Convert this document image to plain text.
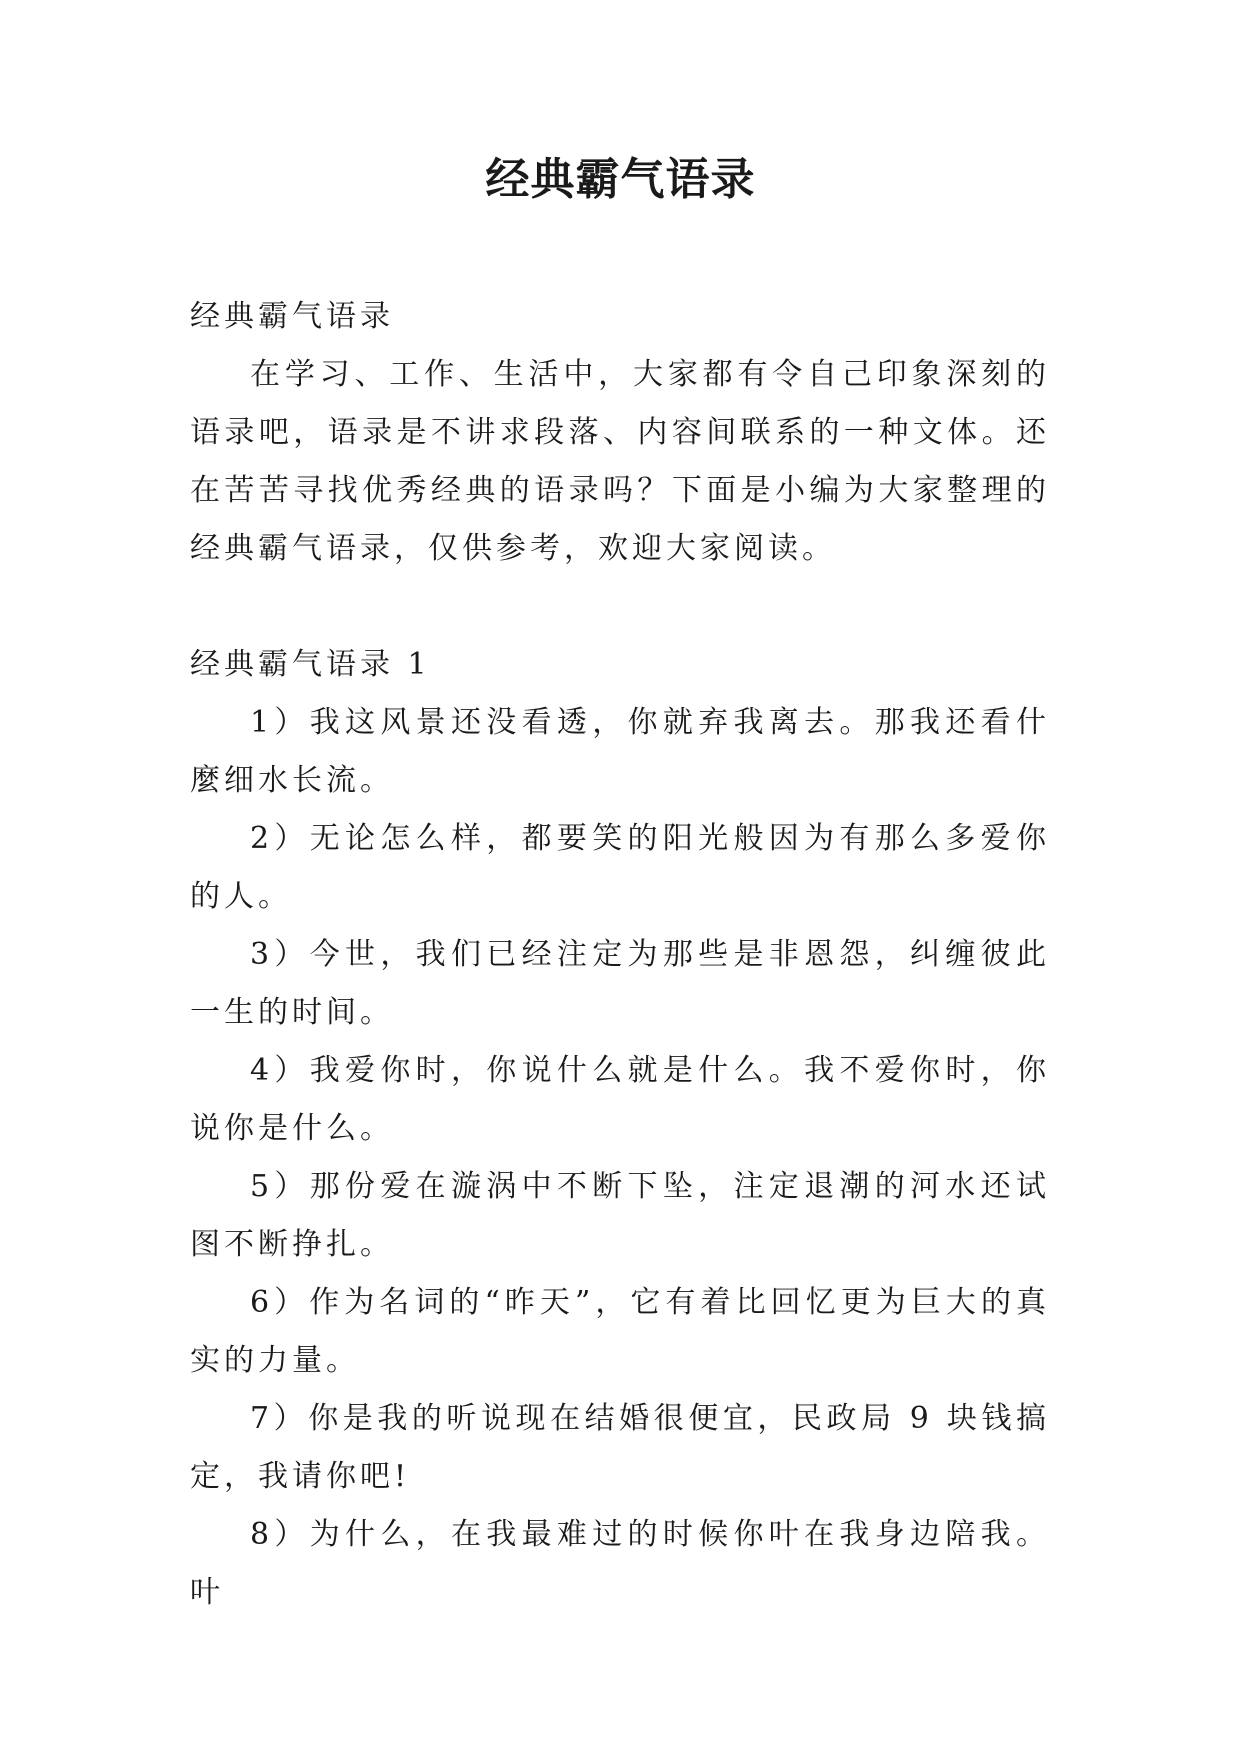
经典霸气语录

经典霸气语录

在学习、工作、生活中，大家都有令自己印象深刻的语录吧，语录是不讲求段落、内容间联系的一种文体。还在苦苦寻找优秀经典的语录吗？下面是小编为大家整理的经典霸气语录，仅供参考，欢迎大家阅读。

经典霸气语录 1

1）我这风景还没看透，你就弃我离去。那我还看什麼细水长流。

2）无论怎么样，都要笑的阳光般因为有那么多爱你的人。

3）今世，我们已经注定为那些是非恩怨，纠缠彼此一生的时间。

4）我爱你时，你说什么就是什么。我不爱你时，你说你是什么。

5）那份爱在漩涡中不断下坠，注定退潮的河水还试图不断挣扎。

6）作为名词的“昨天”，它有着比回忆更为巨大的真实的力量。

7）你是我的听说现在结婚很便宜，民政局 9 块钱搞定，我请你吧!

8）为什么，在我最难过的时候你叶在我身边陪我。叶
